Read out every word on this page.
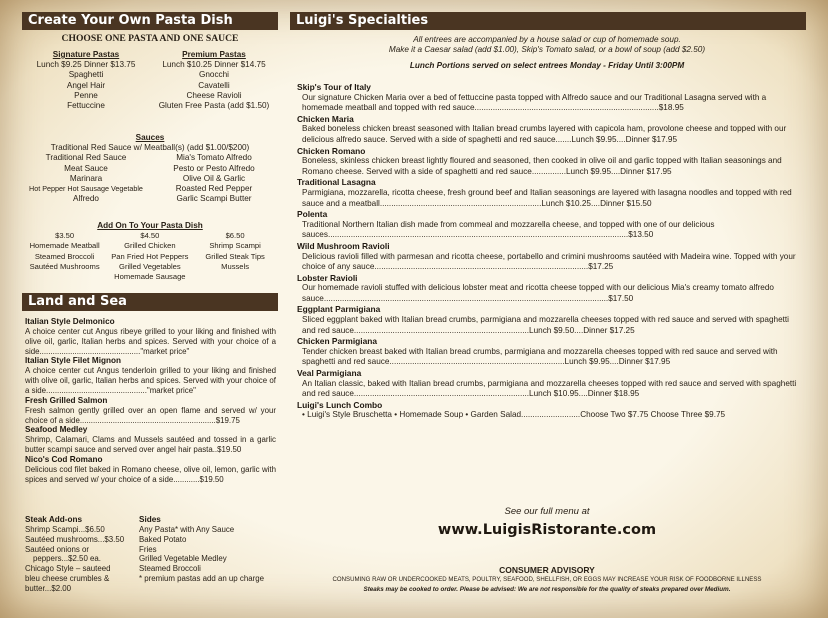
Create Your Own Pasta Dish
CHOOSE ONE PASTA AND ONE SAUCE
Signature Pastas
Lunch $9.25 Dinner $13.75
Spaghetti
Angel Hair
Penne
Fettuccine
Premium Pastas
Lunch $10.25 Dinner $14.75
Gnocchi
Cavatelli
Cheese Ravioli
Gluten Free Pasta (add $1.50)
Sauces
Traditional Red Sauce w/ Meatball(s) (add $1.00/$200)
Traditional Red Sauce
Meat Sauce
Marinara
Hot Pepper Hot Sausage Vegetable
Alfredo
Mia's Tomato Alfredo
Pesto or Pesto Alfredo
Olive Oil & Garlic
Roasted Red Pepper
Garlic Scampi Butter
Add On To Your Pasta Dish
$3.50
Homemade Meatball
Steamed Broccoli
Sautéed Mushrooms
$4.50
Grilled Chicken
Pan Fried Hot Peppers
Grilled Vegetables
Homemade Sausage
$6.50
Shrimp Scampi
Grilled Steak Tips
Mussels
Land and Sea
Italian Style Delmonico
A choice center cut Angus ribeye grilled to your liking and finished with olive oil, garlic, Italian herbs and spices. Served with your choice of a side.............................................."market price"
Italian Style Filet Mignon
A choice center cut Angus tenderloin grilled to your liking and finished with olive oil, garlic, Italian herbs and spices. Served with your choice of a side.............................................."market price"
Fresh Grilled Salmon
Fresh salmon gently grilled over an open flame and served w/ your choice of a side..............................................................$19.75
Seafood Medley
Shrimp, Calamari, Clams and Mussels sautéed and tossed in a garlic butter scampi sauce and served over angel hair pasta..$19.50
Nico's Cod Romano
Delicious cod filet baked in Romano cheese, olive oil, lemon, garlic with spices and served w/ your choice of a side............$19.50
Steak Add-ons
Shrimp Scampi...$6.50
Sautéed mushrooms...$3.50
Sautéed onions or
peppers...$2.50 ea.
Chicago Style – sauteed
bleu cheese crumbles &
butter...$2.00
Sides
Any Pasta* with Any Sauce
Baked Potato
Fries
Grilled Vegetable Medley
Steamed Broccoli
* premium pastas add an up charge
Luigi's Specialties
All entrees are accompanied by a house salad or cup of homemade soup.
Make it a Caesar salad (add $1.00), Skip's Tomato salad, or a bowl of soup (add $2.50)
Lunch Portions served on select entrees Monday - Friday Until 3:00PM
Skip's Tour of Italy
Our signature Chicken Maria over a bed of fettuccine pasta topped with Alfredo sauce and our Traditional Lasagna served with a homemade meatball and topped with red sauce.................................................................................$18.95
Chicken Maria
Baked boneless chicken breast seasoned with Italian bread crumbs layered with capicola ham, provolone cheese and topped with our delicious alfredo sauce. Served with a side of spaghetti and red sauce.......Lunch $9.95....Dinner $17.95
Chicken Romano
Boneless, skinless chicken breast lightly floured and seasoned, then cooked in olive oil and garlic topped with Italian seasonings and Romano cheese. Served with a side of spaghetti and red sauce...............Lunch $9.95....Dinner $17.95
Traditional Lasagna
Parmigiana, mozzarella, ricotta cheese, fresh ground beef and Italian seasonings are layered with lasagna noodles and topped with red sauce and a meatball.......................................................................Lunch $10.25....Dinner $15.50
Polenta
Traditional Northern Italian dish made from commeal and mozzarella cheese, and topped with one of our delicious sauces....................................................................................................................................$13.50
Wild Mushroom Ravioli
Delicious ravioli filled with parmesan and ricotta cheese, portabello and crimini mushrooms sautéed with Madeira wine. Topped with your choice of any sauce..............................................................................................$17.25
Lobster Ravioli
Our homemade ravioli stuffed with delicious lobster meat and ricotta cheese topped with our delicious Mia's creamy tomato alfredo sauce.............................................................................................................................$17.50
Eggplant Parmigiana
Sliced eggplant baked with Italian bread crumbs, parmigiana and mozzarella cheeses topped with red sauce and served with spaghetti and red sauce.............................................................................Lunch $9.50....Dinner $17.25
Chicken Parmigiana
Tender chicken breast baked with Italian bread crumbs, parmigiana and mozzarella cheeses topped with red sauce and served with spaghetti and red sauce.............................................................................Lunch $9.95....Dinner $17.95
Veal Parmigiana
An Italian classic, baked with Italian bread crumbs, parmigiana and mozzarella cheeses topped with red sauce and served with spaghetti and red sauce.............................................................................Lunch $10.95....Dinner $18.95
Luigi's Lunch Combo
• Luigi's Style Bruschetta • Homemade Soup • Garden Salad..........................Choose Two $7.75 Choose Three $9.75
See our full menu at
www.LuigisRistorante.com
CONSUMER ADVISORY
CONSUMING RAW OR UNDERCOOKED MEATS, POULTRY, SEAFOOD, SHELLFISH, OR EGGS MAY INCREASE YOUR RISK OF FOODBORNE ILLNESS
Steaks may be cooked to order. Please be advised: We are not responsible for the quality of steaks prepared over Medium.
